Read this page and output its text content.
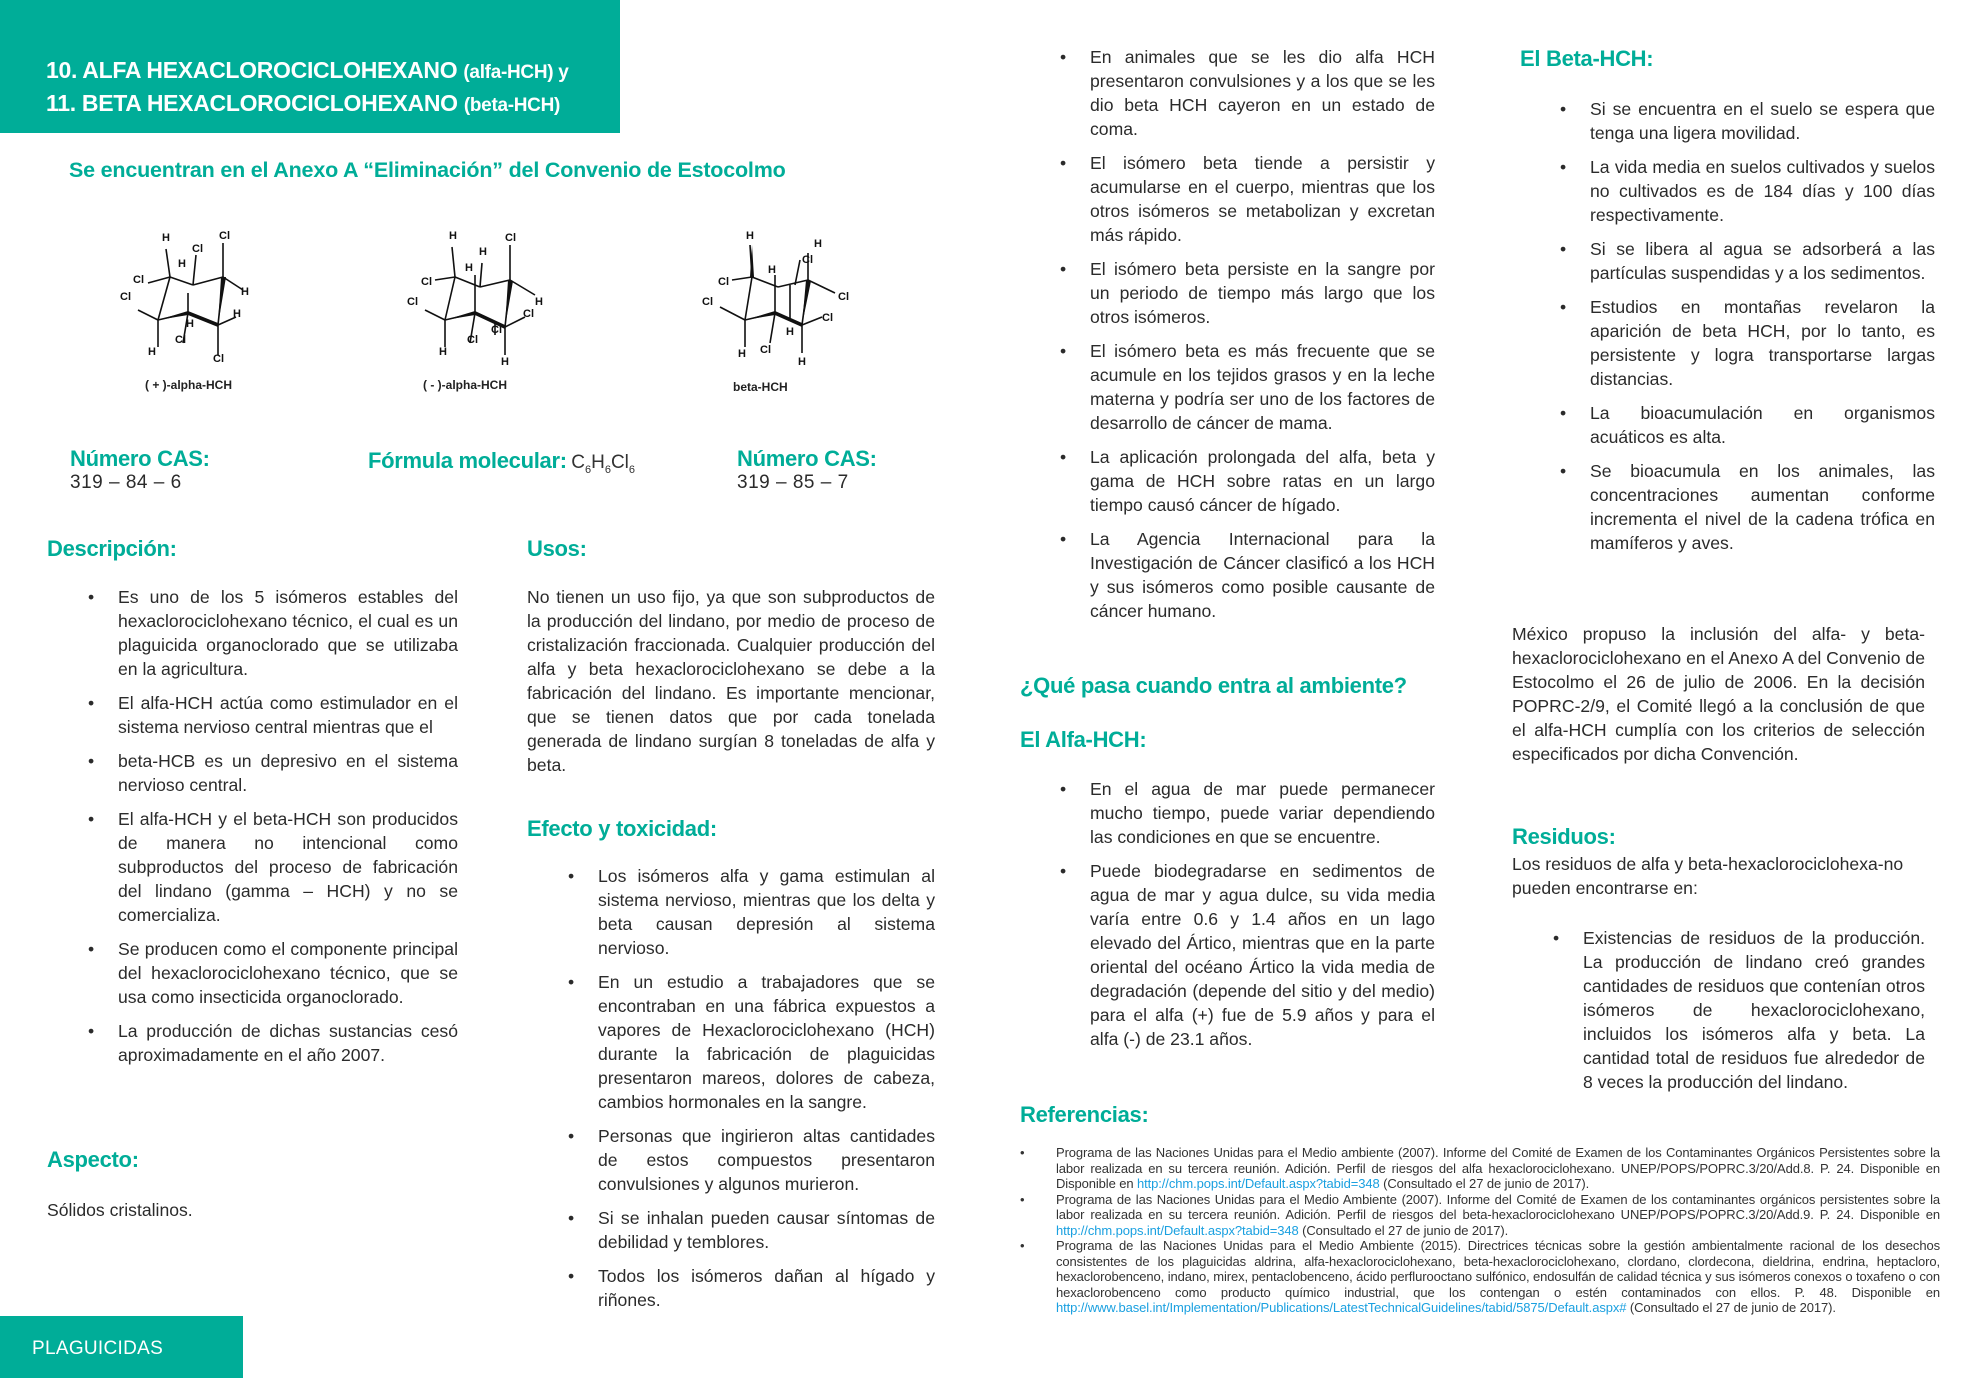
10. ALFA HEXACLOROCICLOHEXANO (alfa-HCH) y
11. BETA HEXACLOROCICLOHEXANO (beta-HCH)
Se encuentran en el Anexo A “Eliminación” del Convenio de Estocolmo
H	Cl
Cl
H
Cl
Cl	H
H
H
Cl
H
Cl
( + )-alpha-HCH
H	Cl
H
H
Cl
Cl	H
Cl
Cl
Cl
H
H
( - )-alpha-HCH
H
Cl
H
H
Cl
Cl	Cl
Cl
H
Cl
H
H
beta-HCH
Número CAS:
319 – 84 – 6
Fórmula molecular: $C_6H_6Cl_6$	Número CAS:
319 – 85 – 7
Descripción:
• Es uno de los 5 isómeros estables del hexaclorociclohexano técnico, el cual es un plaguicida organoclorado que se utilizaba en la agricultura.
• El alfa-HCH actúa como estimulador en el sistema nervioso central mientras que el
• beta-HCB es un depresivo en el sistema nervioso central.
• El alfa-HCH y el beta-HCH son producidos de manera no intencional como subproductos del proceso de fabricación del lindano (gamma – HCH) y no se comercializa.
• Se producen como el componente principal del hexaclorociclohexano técnico, que se usa como insecticida organoclorado.
• La producción de dichas sustancias cesó aproximadamente en el año 2007.
Aspecto:
Sólidos cristalinos.
Usos:
No tienen un uso fijo, ya que son subproductos de la producción del lindano, por medio de proceso de cristalización fraccionada. Cualquier producción del alfa y beta hexaclorociclohexano se debe a la fabricación del lindano. Es importante mencionar, que se tienen datos que por cada tonelada generada de lindano surgían 8 toneladas de alfa y beta.
Efecto y toxicidad:
• Los isómeros alfa y gama estimulan al sistema nervioso, mientras que los delta y beta causan depresión al sistema nervioso.
• En un estudio a trabajadores que se encontraban en una fábrica expuestos a vapores de Hexaclorociclohexano (HCH) durante la fabricación de plaguicidas presentaron mareos, dolores de cabeza, cambios hormonales en la sangre.
• Personas que ingirieron altas cantidades de estos compuestos presentaron convulsiones y algunos murieron.
• Si se inhalan pueden causar síntomas de debilidad y temblores.
• Todos los isómeros dañan al hígado y riñones.
• En animales que se les dio alfa HCH presentaron convulsiones y a los que se les dio beta HCH cayeron en un estado de coma.
• El isómero beta tiende a persistir y acumularse en el cuerpo, mientras que los otros isómeros se metabolizan y excretan más rápido.
• El isómero beta persiste en la sangre por un periodo de tiempo más largo que los otros isómeros.
• El isómero beta es más frecuente que se acumule en los tejidos grasos y en la leche materna y podría ser uno de los factores de desarrollo de cáncer de mama.
• La aplicación prolongada del alfa, beta y gama de HCH sobre ratas en un largo tiempo causó cáncer de hígado.
• La Agencia Internacional para la Investigación de Cáncer clasificó a los HCH y sus isómeros como posible causante de cáncer humano.
¿Qué pasa cuando entra al ambiente?
El Alfa-HCH:
• En el agua de mar puede permanecer mucho tiempo, puede variar dependiendo las condiciones en que se encuentre.
• Puede biodegradarse en sedimentos de agua de mar y agua dulce, su vida media varía entre 0.6 y 1.4 años en un lago elevado del Ártico, mientras que en la parte oriental del océano Ártico la vida media de degradación (depende del sitio y del medio) para el alfa (+) fue de 5.9 años y para el alfa (-) de 23.1 años.
Referencias:
El Beta-HCH:
• Si se encuentra en el suelo se espera que tenga una ligera movilidad.
• La vida media en suelos cultivados y suelos no cultivados es de 184 días y 100 días respectivamente.
• Si se libera al agua se adsorberá a las partículas suspendidas y a los sedimentos.
• Estudios en montañas revelaron la aparición de beta HCH, por lo tanto, es persistente y logra transportarse largas distancias.
• La bioacumulación en organismos acuáticos es alta.
• Se bioacumula en los animales, las concentraciones aumentan conforme incrementa el nivel de la cadena trófica en mamíferos y aves.
México propuso la inclusión del alfa- y beta-hexaclorociclohexano en el Anexo A del Convenio de Estocolmo el 26 de julio de 2006. En la decisión POPRC-2/9, el Comité llegó a la conclusión de que el alfa-HCH cumplía con los criterios de selección especificados por dicha Convención.
Residuos:
Los residuos de alfa y beta-hexaclorociclohexa-no pueden encontrarse en:
• Existencias de residuos de la producción. La producción de lindano creó grandes cantidades de residuos que contenían otros isómeros de hexaclorociclohexano, incluidos los isómeros alfa y beta. La cantidad total de residuos fue alrededor de 8 veces la producción del lindano.
• Programa de las Naciones Unidas para el Medio ambiente (2007). Informe del Comité de Examen de los Contaminantes Orgánicos Persistentes sobre la labor realizada en su tercera reunión. Adición. Perfil de riesgos del alfa hexaclorociclohexano. UNEP/POPS/POPRC.3/20/Add.8. P. 24. Disponible en Disponible en http://chm.pops.int/Default.aspx?tabid=348 (Consultado el 27 de junio de 2017).
• Programa de las Naciones Unidas para el Medio Ambiente (2007). Informe del Comité de Examen de los contaminantes orgánicos persistentes sobre la labor realizada en su tercera reunión. Adición. Perfil de riesgos del beta-hexaclorociclohexano UNEP/POPS/POPRC.3/20/Add.9. P. 24. Disponible en http://chm.pops.int/Default.aspx?tabid=348 (Consultado el 27 de junio de 2017).
• Programa de las Naciones Unidas para el Medio Ambiente (2015). Directrices técnicas sobre la gestión ambientalmente racional de los desechos consistentes de los plaguicidas aldrina, alfa-hexaclorociclohexano, beta-hexaclorociclohexano, clordano, clordecona, dieldrina, endrina, heptacloro, hexaclorobenceno, indano, mirex, pentaclobenceno, ácido perflurooctano sulfónico, endosulfán de calidad técnica y sus isómeros conexos o toxafeno o con hexaclorobenceno como producto químico industrial, que los contengan o estén contaminados con ellos. P. 48. Disponible en http://www.basel.int/Implementation/Publications/LatestTechnicalGuidelines/tabid/5875/Default.aspx# (Consultado el 27 de junio de 2017).
PLAGUICIDAS
